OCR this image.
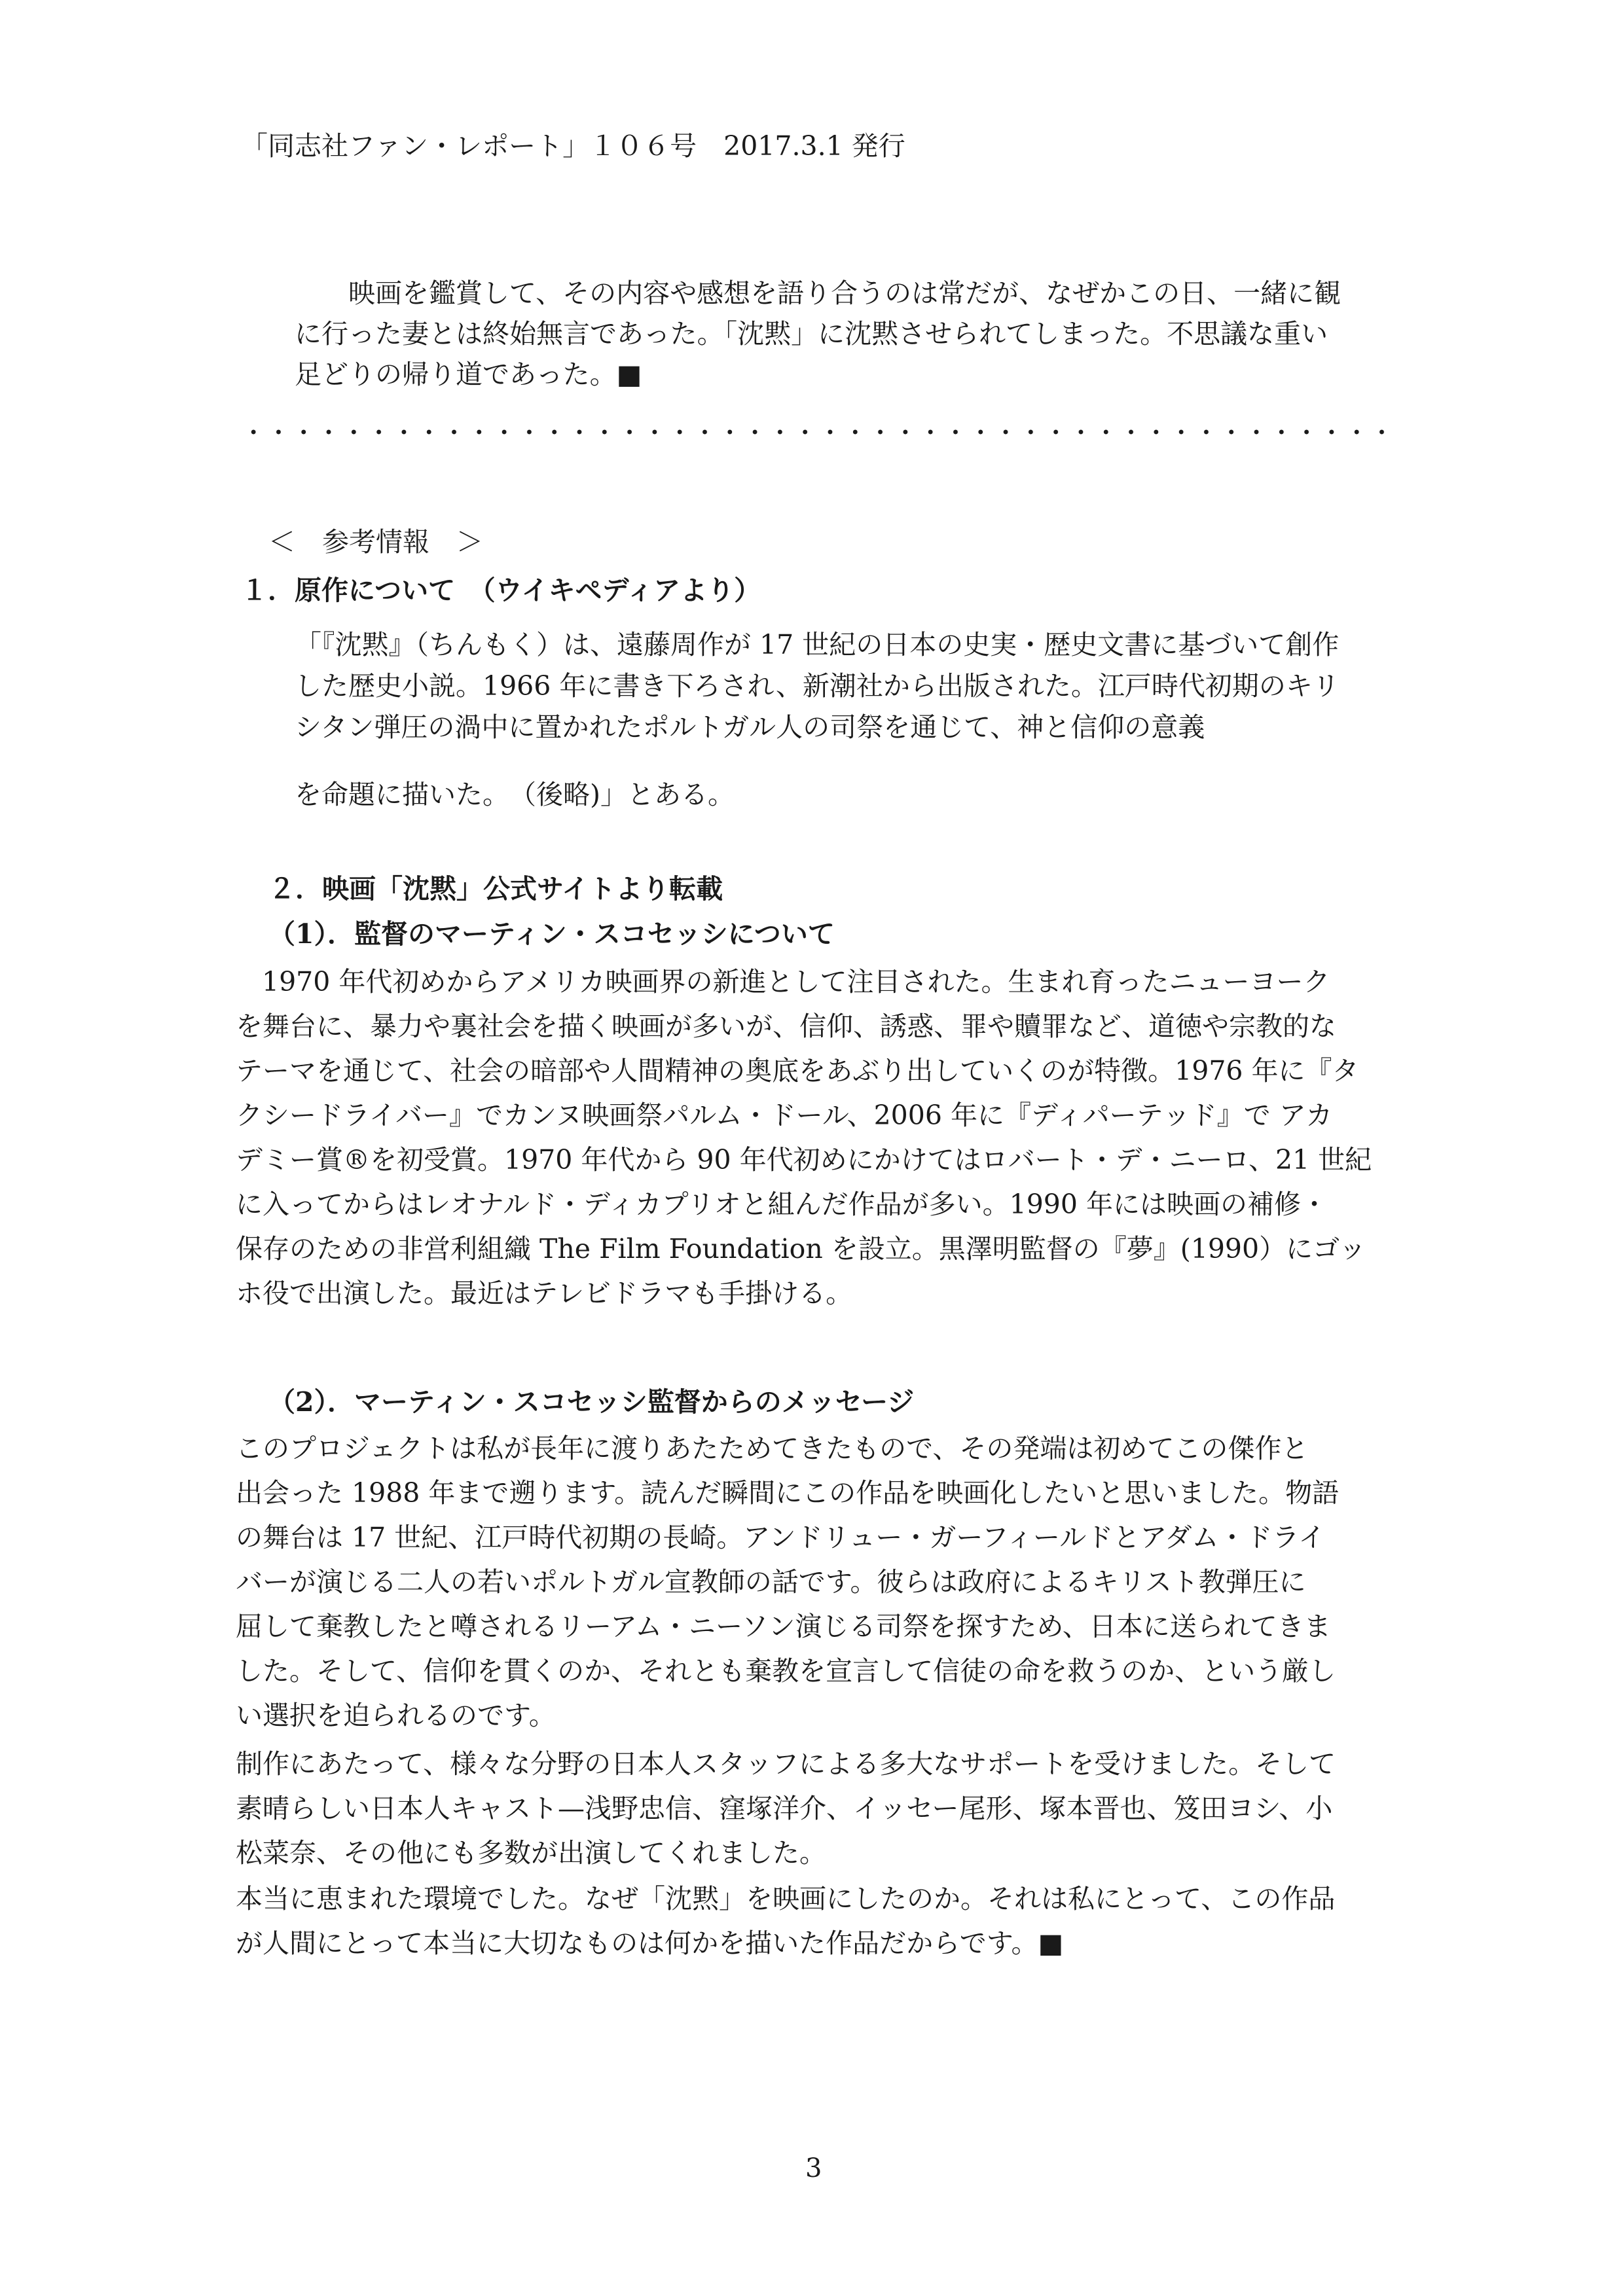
「同志社ファン・レポート」１０６号　2017.3.1 発行
映画を鑑賞して、その内容や感想を語り合うのは常だが、なぜかこの日、一緒に観
に行った妻とは終始無言であった。「沈黙」に沈黙させられてしまった。不思議な重い
足どりの帰り道であった。■
＜　参考情報　＞
１．原作について　（ウイキペディアより）
「『沈黙』（ちんもく）は、遠藤周作が 17 世紀の日本の史実・歴史文書に基づいて創作
した歴史小説。1966 年に書き下ろされ、新潮社から出版された。江戸時代初期のキリ
シタン弾圧の渦中に置かれたポルトガル人の司祭を通じて、神と信仰の意義
を命題に描いた。　（後略)」とある。
２．映画「沈黙」公式サイトより転載
（1）．監督のマーティン・スコセッシについて
1970 年代初めからアメリカ映画界の新進として注目された。生まれ育ったニューヨーク
を舞台に、暴力や裏社会を描く映画が多いが、信仰、誘惑、罪や贖罪など、道徳や宗教的な
テーマを通じて、社会の暗部や人間精神の奥底をあぶり出していくのが特徴。1976 年に『タ
クシードライバー』でカンヌ映画祭パルム・ドール、2006 年に『ディパーテッド』で アカ
デミー賞®を初受賞。1970 年代から 90 年代初めにかけてはロバート・デ・ニーロ、21 世紀
に入ってからはレオナルド・ディカプリオと組んだ作品が多い。1990 年には映画の補修・
保存のための非営利組織 The Film Foundation を設立。黒澤明監督の『夢』(1990）にゴッ
ホ役で出演した。最近はテレビドラマも手掛ける。
（2）．マーティン・スコセッシ監督からのメッセージ
このプロジェクトは私が長年に渡りあたためてきたもので、その発端は初めてこの傑作と
出会った 1988 年まで遡ります。読んだ瞬間にこの作品を映画化したいと思いました。物語
の舞台は 17 世紀、江戸時代初期の長崎。アンドリュー・ガーフィールドとアダム・ドライ
バーが演じる二人の若いポルトガル宣教師の話です。彼らは政府によるキリスト教弾圧に
屈して棄教したと噂されるリーアム・ニーソン演じる司祭を探すため、日本に送られてきま
した。そして、信仰を貫くのか、それとも棄教を宣言して信徒の命を救うのか、という厳し
い選択を迫られるのです。
制作にあたって、様々な分野の日本人スタッフによる多大なサポートを受けました。そして
素晴らしい日本人キャスト—浅野忠信、窪塚洋介、イッセー尾形、塚本晋也、笈田ヨシ、小
松菜奈、その他にも多数が出演してくれました。
本当に恵まれた環境でした。なぜ「沈黙」を映画にしたのか。それは私にとって、この作品
が人間にとって本当に大切なものは何かを描いた作品だからです。■
3
